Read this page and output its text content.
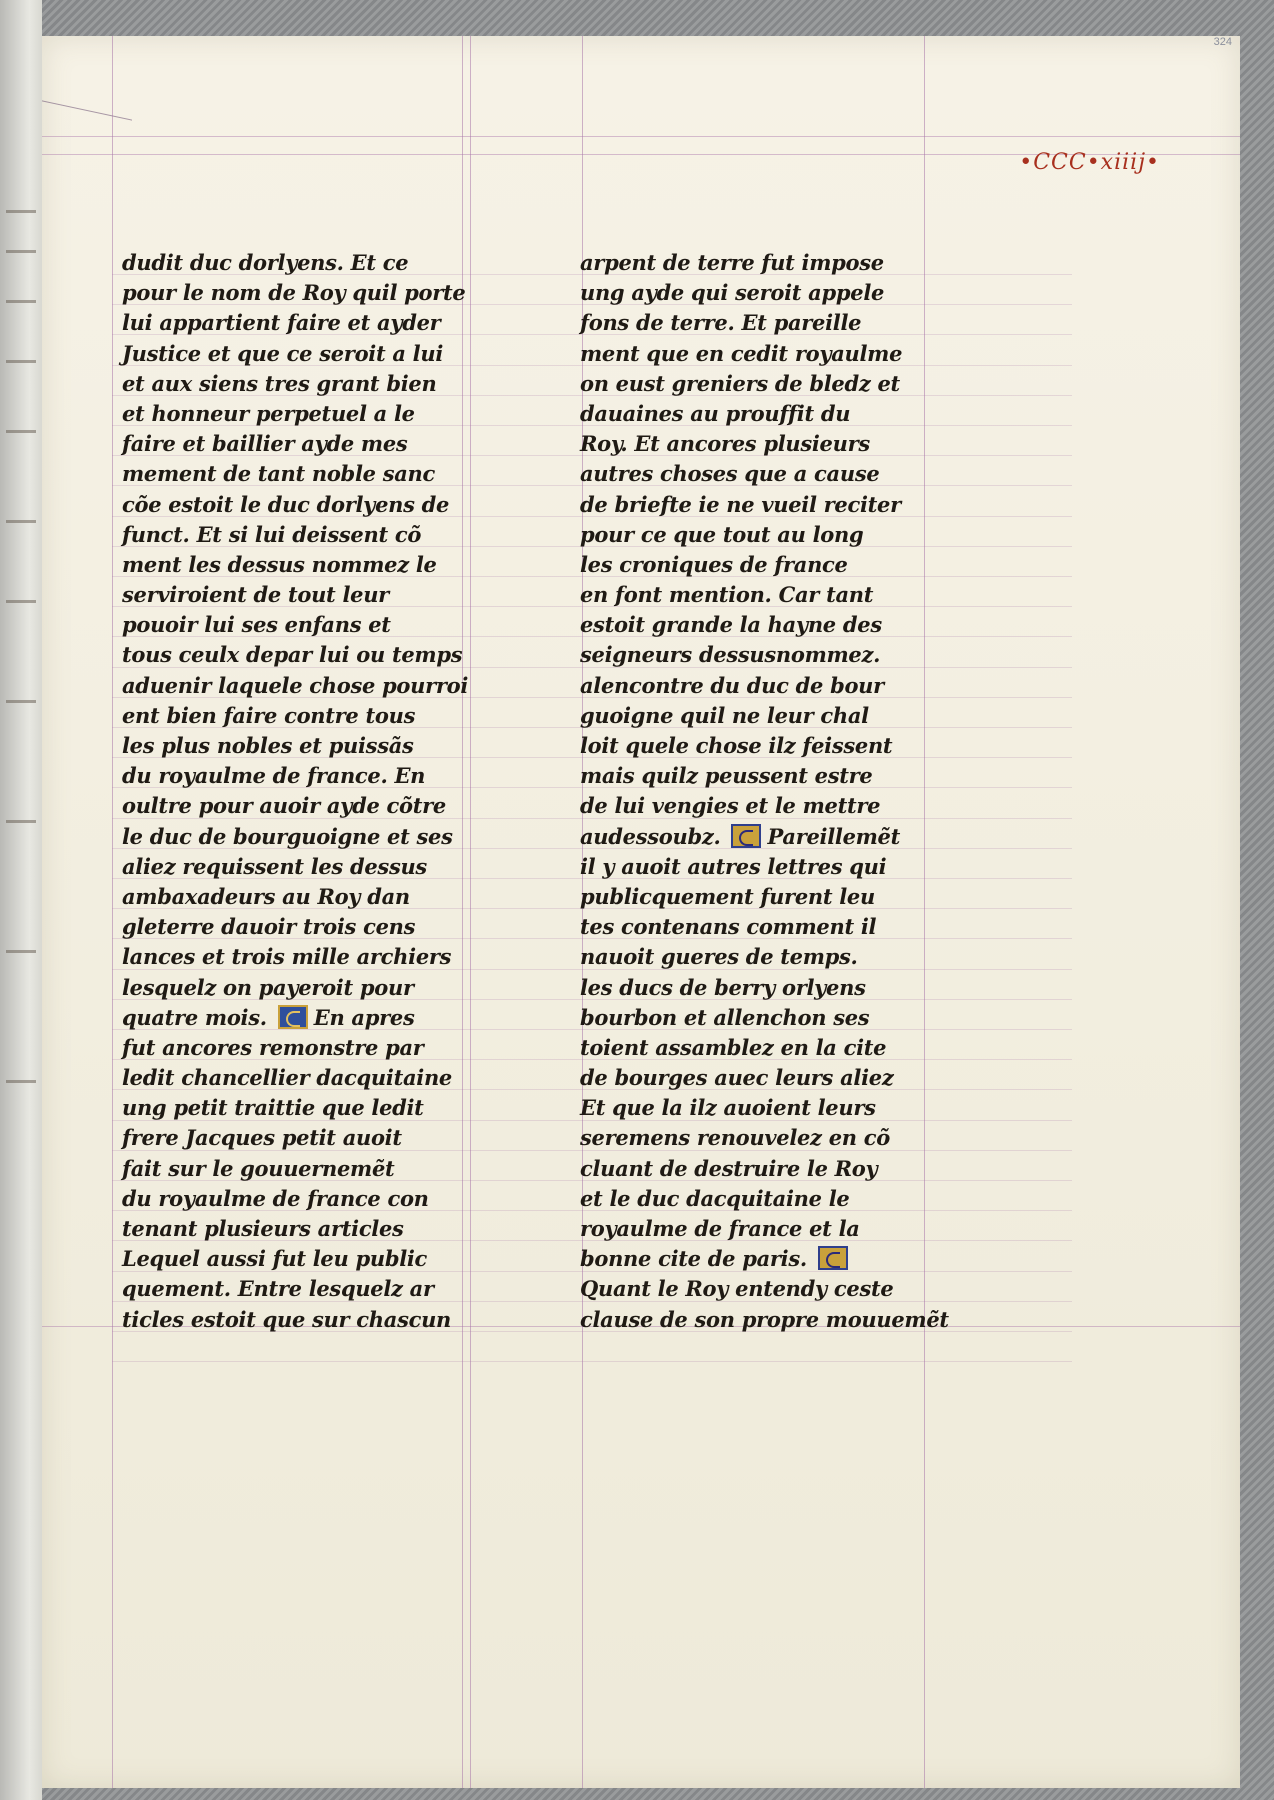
324
•CCC•xiiij•
dudit duc dorlyens. Et ce
pour le nom de Roy quil porte
lui appartient faire et ayder
Justice et que ce seroit a lui
et aux siens tres grant bien
et honneur perpetuel a le
faire et baillier ayde mes
mement de tant noble sanc
cõe estoit le duc dorlyens de
funct. Et si lui deissent cõ
ment les dessus nommez le
serviroient de tout leur
pouoir lui ses enfans et
tous ceulx depar lui ou temps
aduenir laquele chose pourroi
ent bien faire contre tous
les plus nobles et puissãs
du royaulme de france. En
oultre pour auoir ayde cõtre
le duc de bourguoigne et ses
aliez requissent les dessus
ambaxadeurs au Roy dan
gleterre dauoir trois cens
lances et trois mille archiers
lesquelz on payeroit pour
quatre mois. En apres
fut ancores remonstre par
ledit chancellier dacquitaine
ung petit traittie que ledit
frere Jacques petit auoit
fait sur le gouuernemẽt
du royaulme de france con
tenant plusieurs articles
Lequel aussi fut leu public
quement. Entre lesquelz ar
ticles estoit que sur chascun
arpent de terre fut impose
ung ayde qui seroit appele
fons de terre. Et pareille
ment que en cedit royaulme
on eust greniers de bledz et
dauaines au prouffit du
Roy. Et ancores plusieurs
autres choses que a cause
de briefte ie ne vueil reciter
pour ce que tout au long
les croniques de france
en font mention. Car tant
estoit grande la hayne des
seigneurs dessusnommez.
alencontre du duc de bour
guoigne quil ne leur chal
loit quele chose ilz feissent
mais quilz peussent estre
de lui vengies et le mettre
audessoubz. Pareillemẽt
il y auoit autres lettres qui
publicquement furent leu
tes contenans comment il
nauoit gueres de temps.
les ducs de berry orlyens
bourbon et allenchon ses
toient assamblez en la cite
de bourges auec leurs aliez
Et que la ilz auoient leurs
seremens renouvelez en cõ
cluant de destruire le Roy
et le duc dacquitaine le
royaulme de france et la
bonne cite de paris.
Quant le Roy entendy ceste
clause de son propre mouuemẽt
